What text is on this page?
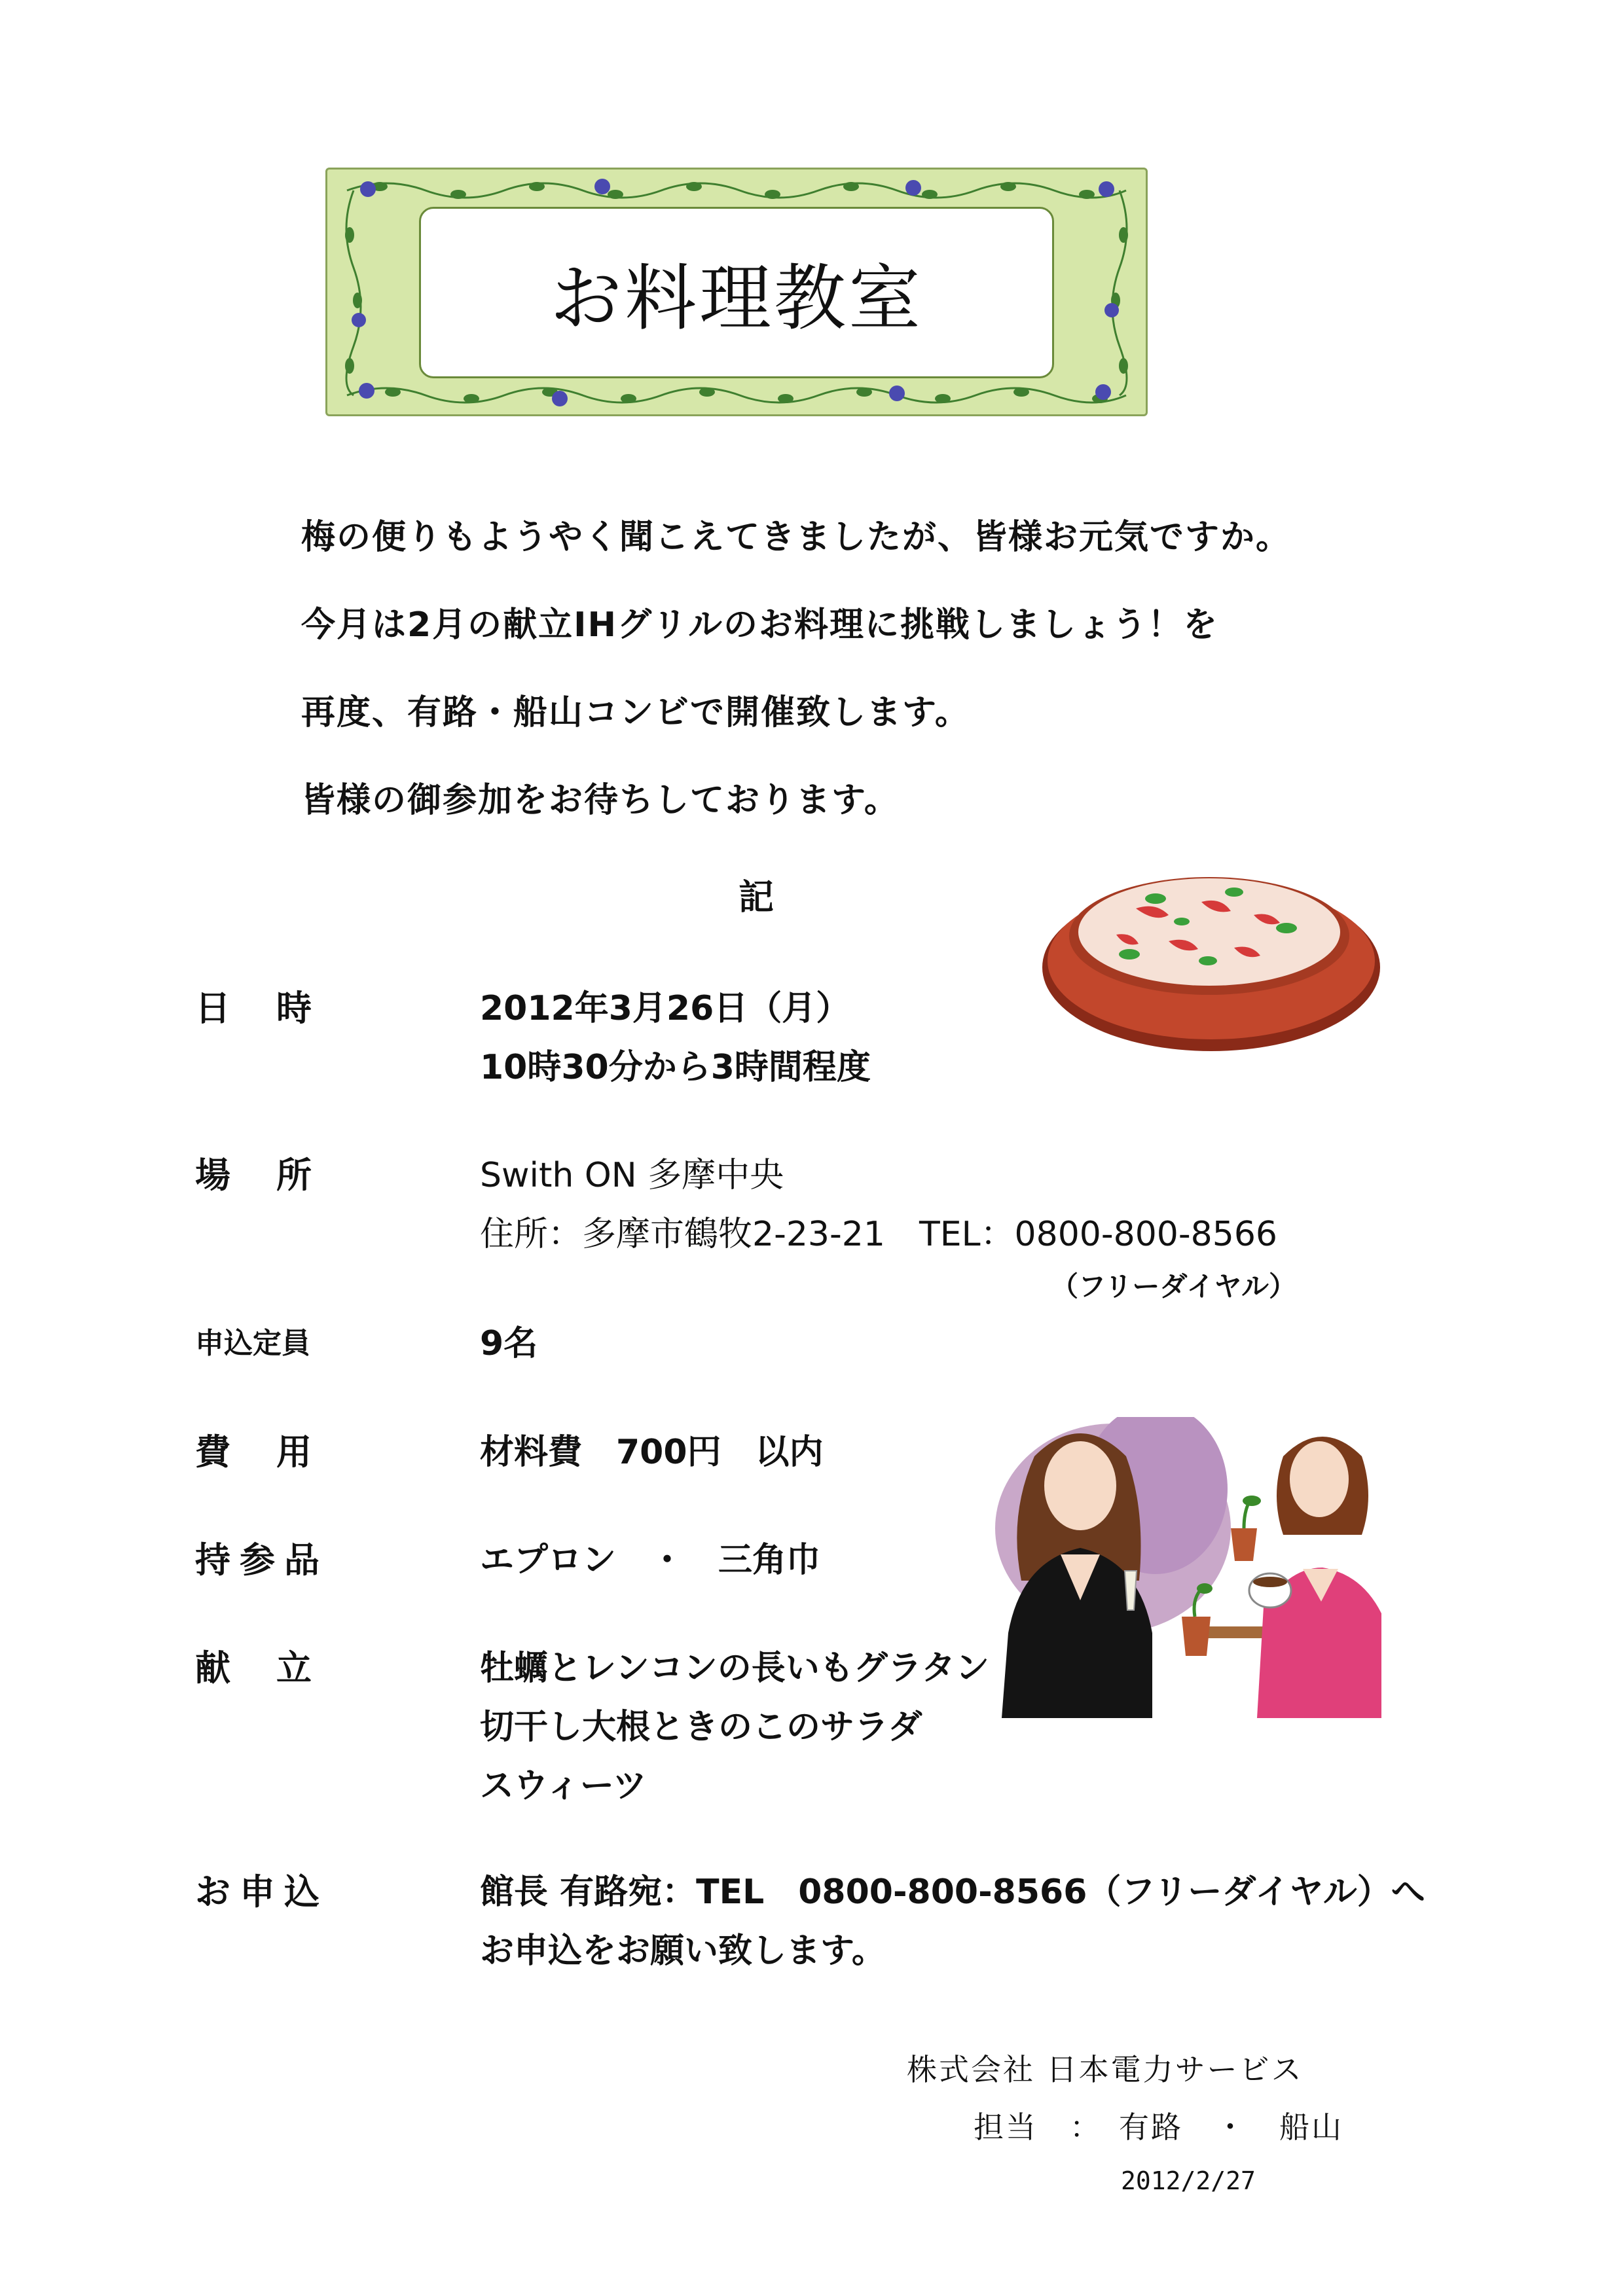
お料理教室
梅の便りもようやく聞こえてきましたが、皆様お元気ですか。
今月は2月の献立IHグリルのお料理に挑戦しましょう！を
再度、有路・船山コンビで開催致します。
皆様の御参加をお待ちしております。
記
日時	2012年3月26日（月）
10時30分から3時間程度
場所	Swith ON 多摩中央
住所：多摩市鶴牧2-23-21　TEL：0800-800-8566
（フリーダイヤル）
申込定員	9名
費用	材料費　700円　以内
持参品	エプロン　・　三角巾
献立	牡蠣とレンコンの長いもグラタン
切干し大根ときのこのサラダ
スウィーツ
お申込	館長 有路宛：TEL　0800-800-8566（フリーダイヤル）へ
お申込をお願い致します。
株式会社 日本電力サービス
担当　：　有路　・　船山
2012/2/27
